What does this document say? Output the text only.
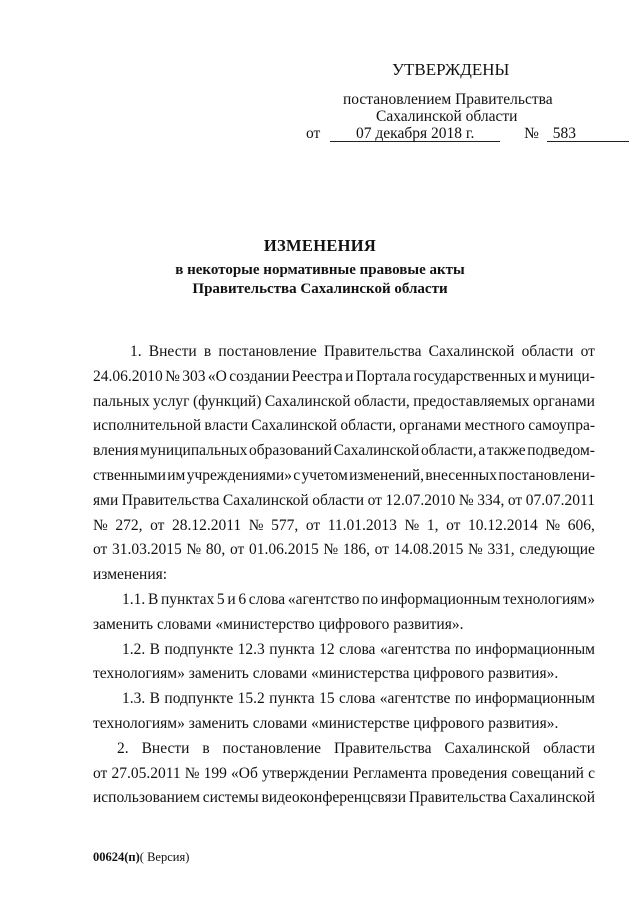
УТВЕРЖДЕНЫ
постановлением Правительства
Сахалинской области
от 07 декабря 2018 г.	№ 583
ИЗМЕНЕНИЯ
в некоторые нормативные правовые акты
Правительства Сахалинской области
1. Внести в постановление Правительства Сахалинской области от
24.06.2010 № 303 «О создании Реестра и Портала государственных и муници-
пальных услуг (функций) Сахалинской области, предоставляемых органами
исполнительной власти Сахалинской области, органами местного самоупра-
вления муниципальных образований Сахалинской области, а также подведом-
ственными им учреждениями» с учетом изменений, внесенных постановлени-
ями Правительства Сахалинской области от 12.07.2010 № 334, от 07.07.2011
№ 272, от 28.12.2011 № 577, от 11.01.2013 № 1, от 10.12.2014 № 606,
от 31.03.2015 № 80, от 01.06.2015 № 186, от 14.08.2015 № 331, следующие
изменения:
1.1. В пунктах 5 и 6 слова «агентство по информационным технологиям»
заменить словами «министерство цифрового развития».
1.2. В подпункте 12.3 пункта 12 слова «агентства по информационным
технологиям» заменить словами «министерства цифрового развития».
1.3. В подпункте 15.2 пункта 15 слова «агентстве по информационным
технологиям» заменить словами «министерстве цифрового развития».
2. Внести в постановление Правительства Сахалинской области
от 27.05.2011 № 199 «Об утверждении Регламента проведения совещаний с
использованием системы видеоконференцсвязи Правительства Сахалинской
00624(п)( Версия)
